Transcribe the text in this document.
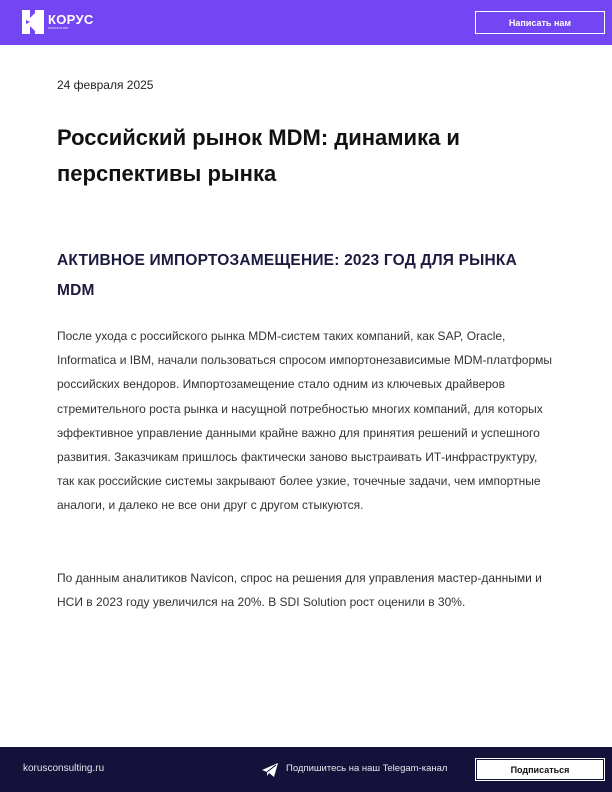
КОРУС
консалтинг
Написать нам
24 февраля 2025
Российский рынок MDM: динамика и перспективы рынка
АКТИВНОЕ ИМПОРТОЗАМЕЩЕНИЕ: 2023 ГОД ДЛЯ РЫНКА MDM

После ухода с российского рынка MDM-систем таких компаний, как SAP, Oracle, Informatica и IBM, начали пользоваться спросом импортонезависимые MDM-платформы российских вендоров. Импортозамещение стало одним из ключевых драйверов стремительного роста рынка и насущной потребностью многих компаний, для которых эффективное управление данными крайне важно для принятия решений и успешного развития. Заказчикам пришлось фактически заново выстраивать ИТ-инфраструктуру, так как российские системы закрывают более узкие, точечные задачи, чем импортные аналоги, и далеко не все они друг с другом стыкуются.

По данным аналитиков Navicon, спрос на решения для управления мастер-данными и НСИ в 2023 году увеличился на 20%. В SDI Solution рост оценили в 30%.

korusconsulting.ru	Подпишитесь на наш Telegam-канал	Подписаться
